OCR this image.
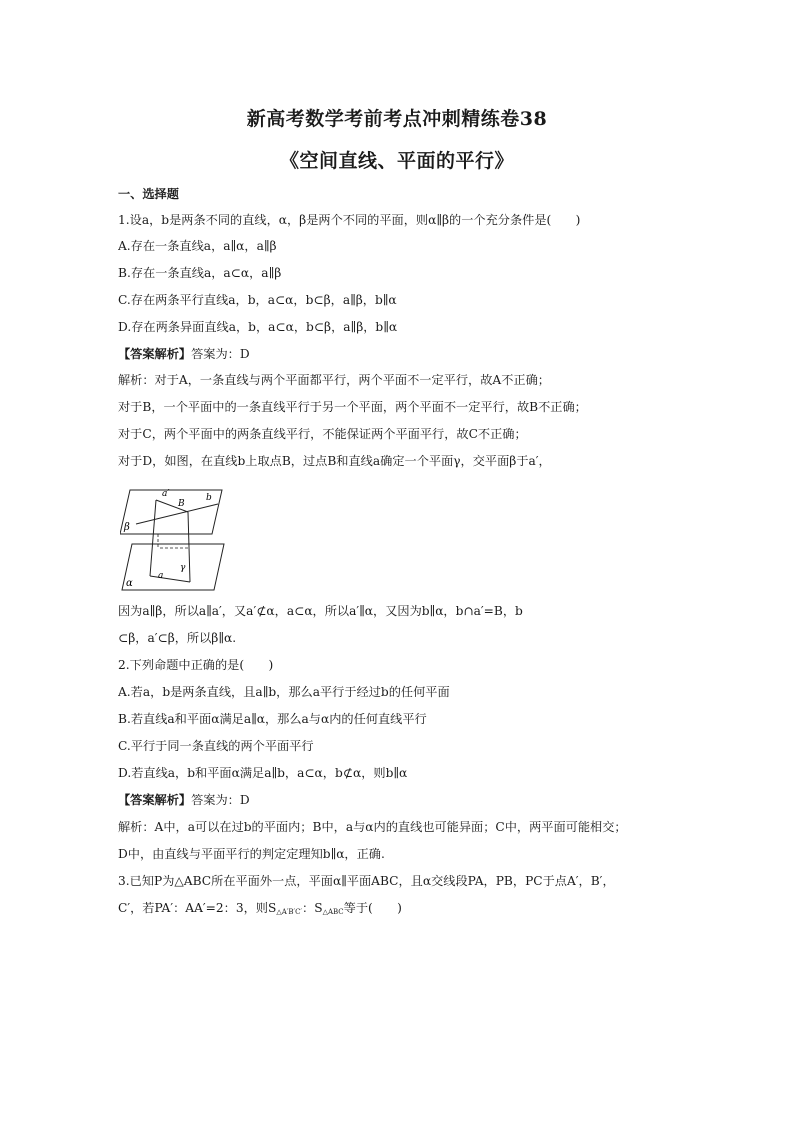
新高考数学考前考点冲刺精练卷38
《空间直线、平面的平行》
一、选择题
1.设a，b是两条不同的直线，α，β是两个不同的平面，则α∥β的一个充分条件是(　　)
A.存在一条直线a，a∥α，a∥β
B.存在一条直线a，a⊂α，a∥β
C.存在两条平行直线a，b，a⊂α，b⊂β，a∥β，b∥α
D.存在两条异面直线a，b，a⊂α，b⊂β，a∥β，b∥α
【答案解析】答案为：D
解析：对于A，一条直线与两个平面都平行，两个平面不一定平行，故A不正确；
对于B，一个平面中的一条直线平行于另一个平面，两个平面不一定平行，故B不正确；
对于C，两个平面中的两条直线平行，不能保证两个平面平行，故C不正确；
对于D，如图，在直线b上取点B，过点B和直线a确定一个平面γ，交平面β于a′，
a′
B
b
β
γ
a
α
因为a∥β，所以a∥a′，又a′⊄α，a⊂α，所以a′∥α，又因为b∥α，b∩a′=B，b
⊂β，a′⊂β，所以β∥α.
2.下列命题中正确的是(　　)
A.若a，b是两条直线，且a∥b，那么a平行于经过b的任何平面
B.若直线a和平面α满足a∥α，那么a与α内的任何直线平行
C.平行于同一条直线的两个平面平行
D.若直线a，b和平面α满足a∥b，a⊂α，b⊄α，则b∥α
【答案解析】答案为：D
解析：A中，a可以在过b的平面内；B中，a与α内的直线也可能异面；C中，两平面可能相交；
D中，由直线与平面平行的判定定理知b∥α，正确.
3.已知P为△ABC所在平面外一点，平面α∥平面ABC，且α交线段PA，PB，PC于点A′，B′，
C′，若PA′：AA′=2：3，则$S_{\triangle A'B'C'}$：$S_{\triangle ABC}$等于(　　)
